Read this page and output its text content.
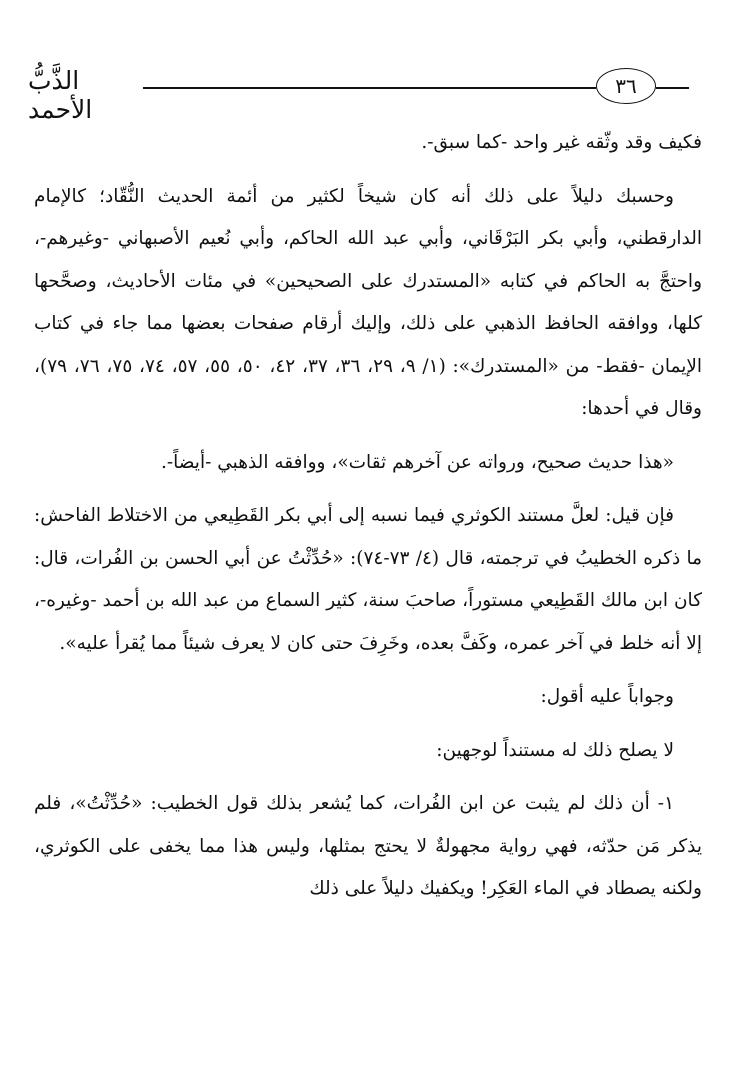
الذَّبُّ الأحمد
٣٦

فكيف وقد وثّقه غير واحد -كما سبق-.

وحسبك دليلاً على ذلك أنه كان شيخاً لكثير من أئمة الحديث النُّقّاد؛ كالإمام الدارقطني، وأبي بكر البَرْقَاني، وأبي عبد الله الحاكم، وأبي نُعيم الأصبهاني -وغيرهم-، واحتجَّ به الحاكم في كتابه «المستدرك على الصحيحين» في مئات الأحاديث، وصحَّحها كلها، ووافقه الحافظ الذهبي على ذلك، وإليك أرقام صفحات بعضها مما جاء في كتاب الإيمان -فقط- من «المستدرك»: (١/ ٩، ٢٩، ٣٦، ٣٧، ٤٢، ٥٠، ٥٥، ٥٧، ٧٤، ٧٥، ٧٦، ٧٩)، وقال في أحدها:

«هذا حديث صحيح، ورواته عن آخرهم ثقات»، ووافقه الذهبي -أيضاً-.

فإن قيل: لعلَّ مستند الكوثري فيما نسبه إلى أبي بكر القَطِيعي من الاختلاط الفاحش: ما ذكره الخطيبُ في ترجمته، قال (٤/ ٧٣-٧٤): «حُدِّثْتُ عن أبي الحسن بن الفُرات، قال: كان ابن مالك القَطِيعي مستوراً، صاحبَ سنة، كثير السماع من عبد الله بن أحمد -وغيره-، إلا أنه خلط في آخر عمره، وكَفَّ بعده، وخَرِفَ حتى كان لا يعرف شيئاً مما يُقرأ عليه».

وجواباً عليه أقول:

لا يصلح ذلك له مستنداً لوجهين:

١- أن ذلك لم يثبت عن ابن الفُرات، كما يُشعر بذلك قول الخطيب: «حُدِّثْتُ»، فلم يذكر مَن حدّثه، فهي رواية مجهولةٌ لا يحتج بمثلها، وليس هذا مما يخفى على الكوثري، ولكنه يصطاد في الماء العَكِر! ويكفيك دليلاً على ذلك
